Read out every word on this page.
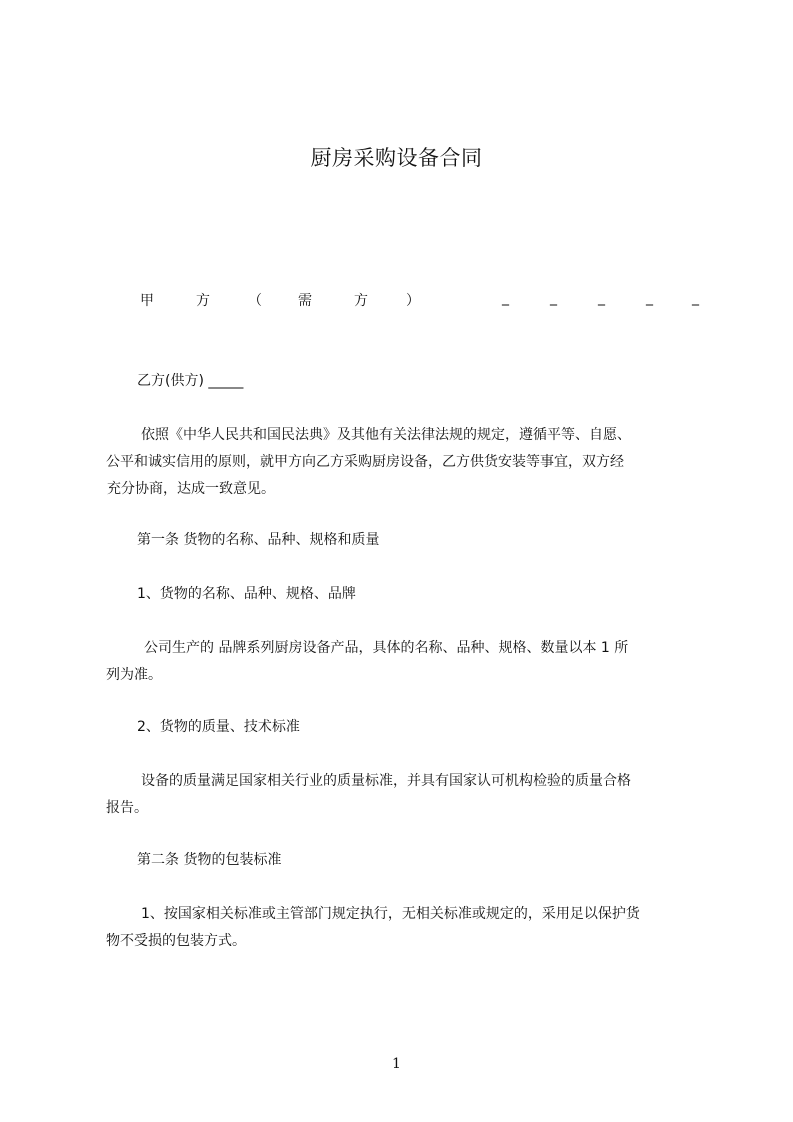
厨房采购设备合同
甲	方	（	需	方	）	_	_	_	_	_
乙方(供方) _____
依照《中华人民共和国民法典》及其他有关法律法规的规定，遵循平等、自愿、
公平和诚实信用的原则，就甲方向乙方采购厨房设备，乙方供货安装等事宜，双方经
充分协商，达成一致意见。
第一条 货物的名称、品种、规格和质量
1、货物的名称、品种、规格、品牌
公司生产的 品牌系列厨房设备产品，具体的名称、品种、规格、数量以本 1 所
列为准。
2、货物的质量、技术标准
设备的质量满足国家相关行业的质量标准，并具有国家认可机构检验的质量合格
报告。
第二条 货物的包装标准
1、按国家相关标准或主管部门规定执行，无相关标准或规定的，采用足以保护货
物不受损的包装方式。
1
